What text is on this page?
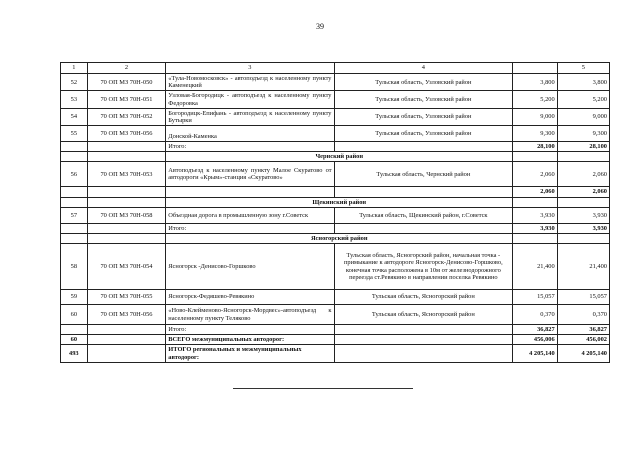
39
1	2	3	4		5
52	70 ОП МЗ 70Н-050	«Тула-Новомосковск» - автоподъезд к населенному пункту Каменецкий	Тульская область, Узловский район	3,800	3,800
53	70 ОП МЗ 70Н-051	Узловая-Богородицк - автоподъезд к населенному пункту Федоровка	Тульская область, Узловский район	5,200	5,200
54	70 ОП МЗ 70Н-052	Богородицк-Епифань - автоподъезд к населенному пункту Бутырки	Тульская область, Узловский район	9,000	9,000
55	70 ОП МЗ 70Н-056	Донской-Каменка	Тульская область, Узловский район	9,300	9,300
		Итого:		28,100	28,100
		Чернский район			
56	70 ОП МЗ 70Н-053	Автоподъезд к населенному пункту Малое Скуратово от автодороги «Крым»-станция «Скуратово»	Тульская область, Чернский район	2,060	2,060
				2,060	2,060
		Щекинский район			
57	70 ОП МЗ 70Н-058	Объездная дорога в промышленную зону г.Советск	Тульская область, Щекинский район, г.Советск	3,930	3,930
		Итого:		3,930	3,930
		Ясногорский район			
58	70 ОП МЗ 70Н-054	Ясногорск -Денисово-Горшково	Тульская область, Ясногорский район, начальная точка - примыкание к автодороге Ясногорск-Денисово-Горшково, конечная точка расположена в 10м от железнодорожного переезда ст.Ревякино в направлении поселка Ревякино	21,400	21,400
59	70 ОП МЗ 70Н-055	Ясногорск-Федяшево-Ревякино	Тульская область, Ясногорский район	15,057	15,057
60	70 ОП МЗ 70Н-056	«Ново-Клейменово-Ясногорск-Мордвес»-автоподъезд к населенному пункту Теляково	Тульская область, Ясногорский район	0,370	0,370
		Итого:		36,827	36,827
60		ВСЕГО межмуниципальных автодорог:		456,006	456,002
493		ИТОГО региональных и межмуниципальных автодорог:		4 205,140	4 205,140
